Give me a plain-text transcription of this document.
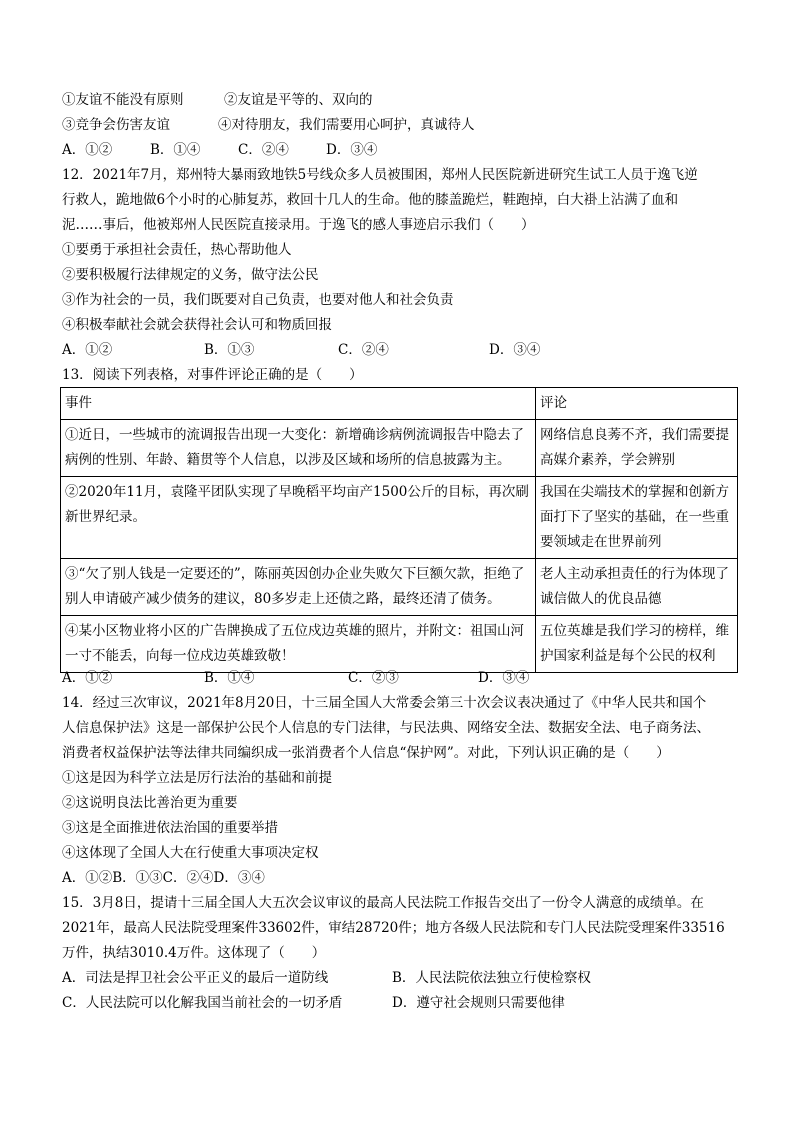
①友谊不能没有原则	②友谊是平等的、双向的
③竞争会伤害友谊	④对待朋友，我们需要用心呵护，真诚待人
A．①②	B．①④	C．②④	D．③④
12．2021年7月，郑州特大暴雨致地铁5号线众多人员被围困，郑州人民医院新进研究生试工人员于逸飞逆
行救人，跪地做6个小时的心肺复苏，救回十几人的生命。他的膝盖跪烂，鞋跑掉，白大褂上沾满了血和
泥……事后，他被郑州人民医院直接录用。于逸飞的感人事迹启示我们（　　）
①要勇于承担社会责任，热心帮助他人
②要积极履行法律规定的义务，做守法公民
③作为社会的一员，我们既要对自己负责，也要对他人和社会负责
④积极奉献社会就会获得社会认可和物质回报
A．①②	B．①③	C．②④	D．③④
13．阅读下列表格，对事件评论正确的是（　　）
事件	评论
①近日，一些城市的流调报告出现一大变化：新增确诊病例流调报告中隐去了病例的性别、年龄、籍贯等个人信息，以涉及区域和场所的信息披露为主。	网络信息良莠不齐，我们需要提高媒介素养，学会辨别
②2020年11月，袁隆平团队实现了早晚稻平均亩产1500公斤的目标，再次刷新世界纪录。	我国在尖端技术的掌握和创新方面打下了坚实的基础，在一些重要领域走在世界前列
③“欠了别人钱是一定要还的”，陈丽英因创办企业失败欠下巨额欠款，拒绝了别人申请破产减少债务的建议，80多岁走上还债之路，最终还清了债务。	老人主动承担责任的行为体现了诚信做人的优良品德
④某小区物业将小区的广告牌换成了五位戍边英雄的照片，并附文：祖国山河一寸不能丢，向每一位戍边英雄致敬！	五位英雄是我们学习的榜样，维护国家利益是每个公民的权利
A．①②	B．①④	C．②③	D．③④
14．经过三次审议，2021年8月20日，十三届全国人大常委会第三十次会议表决通过了《中华人民共和国个
人信息保护法》这是一部保护公民个人信息的专门法律，与民法典、网络安全法、数据安全法、电子商务法、
消费者权益保护法等法律共同编织成一张消费者个人信息“保护网”。对此，下列认识正确的是（　　）
①这是因为科学立法是厉行法治的基础和前提
②这说明良法比善治更为重要
③这是全面推进依法治国的重要举措
④这体现了全国人大在行使重大事项决定权
A．①②B．①③C．②④D．③④
15．3月8日，提请十三届全国人大五次会议审议的最高人民法院工作报告交出了一份令人满意的成绩单。在
2021年，最高人民法院受理案件33602件，审结28720件；地方各级人民法院和专门人民法院受理案件33516
万件，执结3010.4万件。这体现了（　　）
A．司法是捍卫社会公平正义的最后一道防线	B．人民法院依法独立行使检察权
C．人民法院可以化解我国当前社会的一切矛盾	D．遵守社会规则只需要他律
